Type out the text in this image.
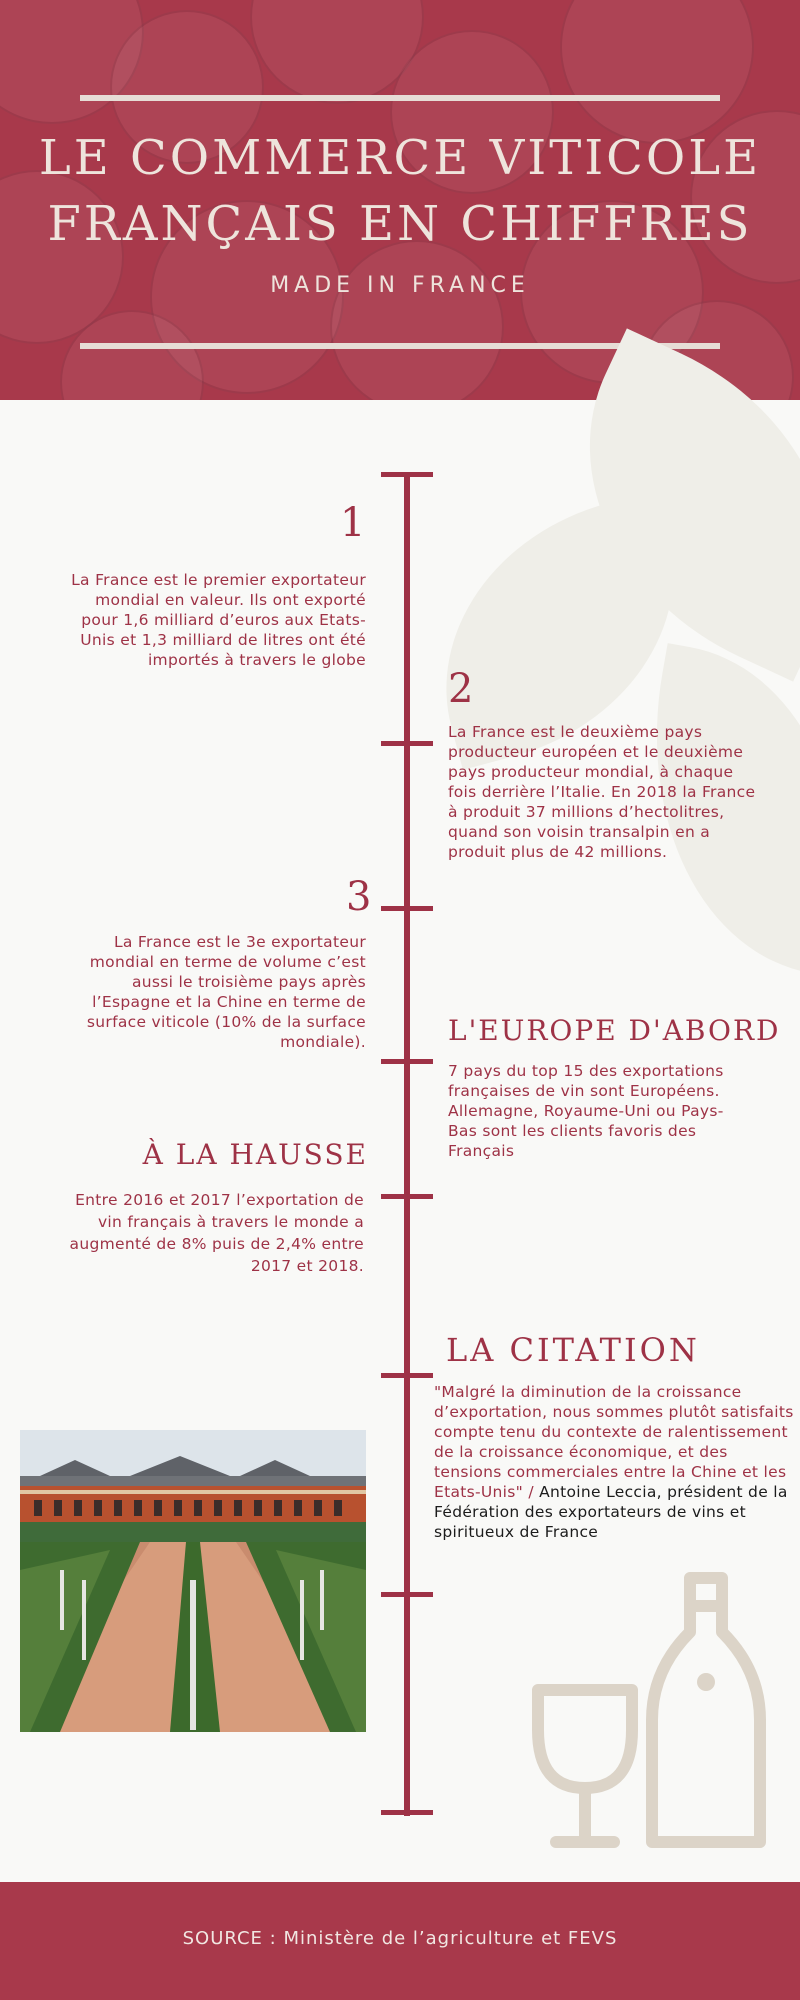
LE COMMERCE VITICOLE
FRANÇAIS EN CHIFFRES
MADE IN FRANCE
1
La France est le premier exportateur mondial en valeur. Ils ont exporté pour 1,6 milliard d’euros aux Etats-Unis et 1,3 milliard de litres ont été importés à travers le globe
2
La France est le deuxième pays producteur européen et le deuxième pays producteur mondial, à chaque fois derrière l’Italie. En 2018 la France à produit 37 millions d’hectolitres, quand son voisin transalpin en a produit plus de 42 millions.
3
La France est le 3e exportateur mondial en terme de volume c’est aussi le troisième pays après l’Espagne et la Chine en terme de surface viticole (10% de la surface mondiale).	L'EUROPE D'ABORD
7 pays du top 15 des exportations françaises de vin sont Européens. Allemagne, Royaume-Uni ou Pays-Bas sont les clients favoris des Français
À LA HAUSSE
Entre 2016 et 2017 l’exportation de vin français à travers le monde a augmenté de 8% puis de 2,4% entre 2017 et 2018.
LA CITATION
"Malgré la diminution de la croissance d’exportation, nous sommes plutôt satisfaits compte tenu du contexte de ralentissement de la croissance économique, et des tensions commerciales entre la Chine et les Etats-Unis" / Antoine Leccia, président de la Fédération des exportateurs de vins et spiritueux de France
SOURCE : Ministère de l’agriculture et FEVS
